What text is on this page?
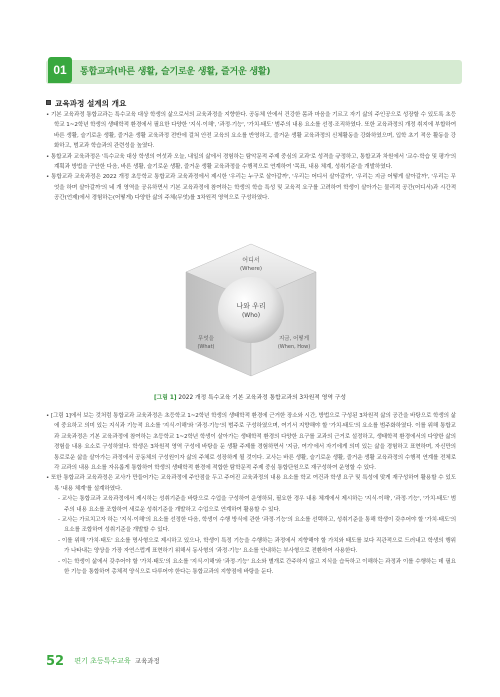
01	통합교과(바른 생활, 슬기로운 생활, 즐거운 생활)
교육과정 설계의 개요

• 기본 교육과정 통합교과는 특수교육 대상 학생의 삶으로서의 교육과정을 지향한다. 공동체 안에서 건강한 몸과 마음을 기르고 자기 삶의 주인공으로 성장할 수 있도록 초등학교 1~2학년 학생의 생태학적 환경에서 필요한 다양한 '지식·이해', '과정·기능', '가치·태도' 범주의 내용 요소를 선정·조직하였다. 또한 교육과정의 개정 취지에 부합하여 바른 생활, 슬기로운 생활, 즐거운 생활 교육과정 전반에 걸쳐 안전 교육의 요소를 반영하고, 즐거운 생활 교육과정의 신체활동을 강화하였으며, 입학 초기 적응 활동을 강화하고, 범교과 학습과의 관련성을 높였다.

• 통합교과 교육과정은 '특수교육 대상 학생의 여섯과 오늘, 내일의 삶에서 경험하는 탐악문적 주제 중심의 교과'로 성격을 규정하고, 통합교과 차원에서 '교수·학습 및 평가'의 계획과 방법을 구안한 다음, 바른 생활, 슬기로운 생활, 즐거운 생활 교육과정을 수행적으로 연계하여 '목표, 내용 체계, 성취기준'을 개발하였다.

• 통합교과 교육과정은 2022 개정 초등학교 통합교과 교육과정에서 제시한 '우리는 누구로 살아갈까', '우리는 어디서 살아갈까', '우리는 지금 어떻게 살아갈까', '우리는 무엇을 하며 살아갈까'의 네 개 영역을 공유하면서 기본 교육과정에 참여하는 학생의 학습 특성 및 교육적 요구를 고려하여 학생이 살아가는 물리적 공간(어디서)과 시간적 공간(언제)에서 경험하는(어떻게) 다양한 삶의 주체(무엇)를 3차원적 영역으로 구성하였다.

어디서
(Where)
나와 우리
(Who)
무엇을
(What)
지금, 어떻게
(When, How)
[그림 1] 2022 개정 특수교육 기본 교육과정 통합교과의 3차원적 영역 구성

• [그림 1]에서 보는 것처럼 통합교과 교육과정은 초등학교 1~2학년 학생의 생태학적 환경에 근거한 장소와 시간, 방법으로 구성된 3차원적 삶의 공간을 바탕으로 학생의 삶에 중요하고 의미 있는 지식과 기능적 요소를 '지식·이해'와 '과정·기능'의 범주로 구성하였으며, 여기서 지향해야 할 '가치·태도'의 요소를 범주화하였다. 이를 위해 통합교과 교육과정은 기본 교육과정에 참여하는 초등학교 1~2학년 학생이 살아가는 생태학적 환경의 다양한 요구를 교과의 근거로 설정하고, 생태학적 환경에서의 다양한 삶의 경험을 내용 요소로 구성하였다. 학생은 3차원적 영역 구성에 바탕을 둔 생활 주제를 경험하면서 '지금, 여기'에서 자기에게 의미 있는 삶을 경험하고 표현하며, 자신만의 통로로운 삶을 살아가는 과정에서 공동체의 구성원이자 삶의 주체로 성장하게 될 것이다. 교사는 바른 생활, 슬기로운 생활, 즐거운 생활 교육과정의 수행적 연계를 전체로 각 교과의 내용 요소를 자유롭게 통합하여 학생의 생태학적 환경에 적합한 탐학문적 주제 중심 통합단원으로 재구성하여 운영할 수 있다.

• 또한 통합교과 교육과정은 교사가 만들어가는 교육과정에 주안점을 두고 주어진 교육과정의 내용 요소를 학교 여건과 학생 요구 및 특성에 맞게 재구성하여 활용할 수 있도록 '내용 체계'를 설계하였다.

- 교사는 통합교과 교육과정에서 제시하는 성취기준을 바탕으로 수업을 구성하여 운영하되, 필요한 경우 내용 체계에서 제시하는 '지식·이해', '과정·기능', '가치·태도' 범주의 내용 요소를 조합하여 새로운 성취기준을 개발하고 수업으로 연계하여 활용할 수 있다.

- 교사는 가르치고자 하는 '지식·이해'의 요소를 선정한 다음, 학생이 수행 방식에 관한 '과정·기능'의 요소를 선택하고, 성취기준을 통해 학생이 갖추어야 할 '가치·태도'의 요소를 조합하여 성취기준을 개발할 수 있다.

- 이를 위해 '가치·태도' 요소를 명사형으로 제시하고 있으나, 학생이 특정 기능을 수행하는 과정에서 지향해야 할 가치와 태도를 보다 직관적으로 드러내고 학생의 행위가 나타내는 양상을 가장 자연스럽게 표현하기 위해서 동사형의 '과정·기능' 요소를 안내하는 부사형으로 전환하여 사용한다.

- 이는 학생이 삶에서 갖추어야 할 '가치·태도'의 요소를 '지식·이해'와 '과정·기능' 요소와 별개로 간주하지 않고 지식을 습득하고 이해하는 과정과 이를 수행하는 데 필요한 기능을 통합하여 총체적 양식으로 다루어야 한다는 통합교과의 지향점에 바탕을 둔다.

52 편기 초등특수교육 교육과정
